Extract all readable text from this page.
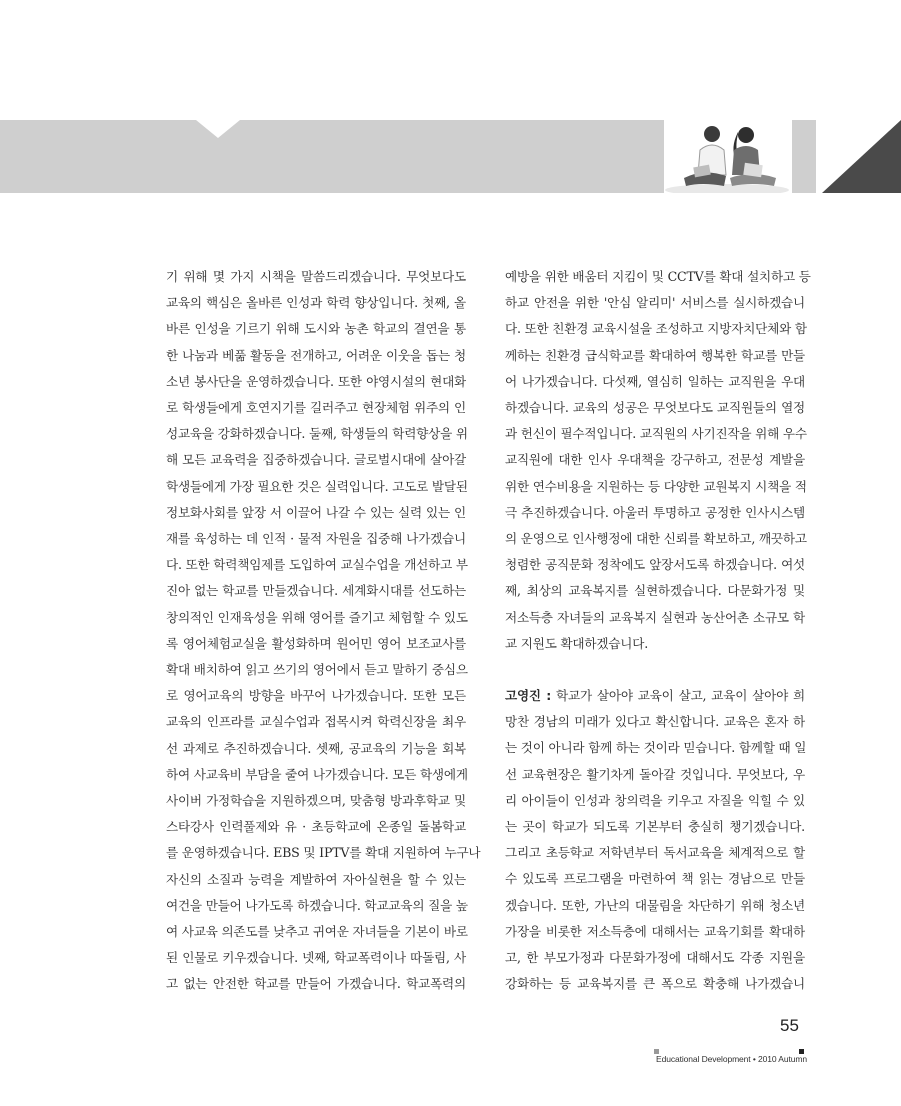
기 위해 몇 가지 시책을 말씀드리겠습니다. 무엇보다도
교육의 핵심은 올바른 인성과 학력 향상입니다. 첫째, 올
바른 인성을 기르기 위해 도시와 농촌 학교의 결연을 통
한 나눔과 베풂 활동을 전개하고, 어려운 이웃을 돕는 청
소년 봉사단을 운영하겠습니다. 또한 야영시설의 현대화
로 학생들에게 호연지기를 길러주고 현장체험 위주의 인
성교육을 강화하겠습니다. 둘째, 학생들의 학력향상을 위
해 모든 교육력을 집중하겠습니다. 글로벌시대에 살아갈
학생들에게 가장 필요한 것은 실력입니다. 고도로 발달된
정보화사회를 앞장 서 이끌어 나갈 수 있는 실력 있는 인
재를 육성하는 데 인적 · 물적 자원을 집중해 나가겠습니
다. 또한 학력책임제를 도입하여 교실수업을 개선하고 부
진아 없는 학교를 만들겠습니다. 세계화시대를 선도하는
창의적인 인재육성을 위해 영어를 즐기고 체험할 수 있도
록 영어체험교실을 활성화하며 원어민 영어 보조교사를
확대 배치하여 읽고 쓰기의 영어에서 듣고 말하기 중심으
로 영어교육의 방향을 바꾸어 나가겠습니다. 또한 모든
교육의 인프라를 교실수업과 접목시켜 학력신장을 최우
선 과제로 추진하겠습니다. 셋째, 공교육의 기능을 회복
하여 사교육비 부담을 줄여 나가겠습니다. 모든 학생에게
사이버 가정학습을 지원하겠으며, 맞춤형 방과후학교 및
스타강사 인력풀제와 유 · 초등학교에 온종일 돌봄학교
를 운영하겠습니다. EBS 및 IPTV를 확대 지원하여 누구나
자신의 소질과 능력을 계발하여 자아실현을 할 수 있는
여건을 만들어 나가도록 하겠습니다. 학교교육의 질을 높
여 사교육 의존도를 낮추고 귀여운 자녀들을 기본이 바로
된 인물로 키우겠습니다. 넷째, 학교폭력이나 따돌림, 사
고 없는 안전한 학교를 만들어 가겠습니다. 학교폭력의
예방을 위한 배움터 지킴이 및 CCTV를 확대 설치하고 등
하교 안전을 위한 '안심 알리미' 서비스를 실시하겠습니
다. 또한 친환경 교육시설을 조성하고 지방자치단체와 함
께하는 친환경 급식학교를 확대하여 행복한 학교를 만들
어 나가겠습니다. 다섯째, 열심히 일하는 교직원을 우대
하겠습니다. 교육의 성공은 무엇보다도 교직원들의 열정
과 헌신이 필수적입니다. 교직원의 사기진작을 위해 우수
교직원에 대한 인사 우대책을 강구하고, 전문성 계발을
위한 연수비용을 지원하는 등 다양한 교원복지 시책을 적
극 추진하겠습니다. 아울러 투명하고 공정한 인사시스템
의 운영으로 인사행정에 대한 신뢰를 확보하고, 깨끗하고
청렴한 공직문화 정착에도 앞장서도록 하겠습니다. 여섯
째, 최상의 교육복지를 실현하겠습니다. 다문화가정 및
저소득층 자녀들의 교육복지 실현과 농산어촌 소규모 학
교 지원도 확대하겠습니다.
고영진 : 학교가 살아야 교육이 살고, 교육이 살아야 희
망찬 경남의 미래가 있다고 확신합니다. 교육은 혼자 하
는 것이 아니라 함께 하는 것이라 믿습니다. 함께할 때 일
선 교육현장은 활기차게 돌아갈 것입니다. 무엇보다, 우
리 아이들이 인성과 창의력을 키우고 자질을 익힐 수 있
는 곳이 학교가 되도록 기본부터 충실히 챙기겠습니다.
그리고 초등학교 저학년부터 독서교육을 체계적으로 할
수 있도록 프로그램을 마련하여 책 읽는 경남으로 만들
겠습니다. 또한, 가난의 대물림을 차단하기 위해 청소년
가장을 비롯한 저소득층에 대해서는 교육기회를 확대하
고, 한 부모가정과 다문화가정에 대해서도 각종 지원을
강화하는 등 교육복지를 큰 폭으로 확충해 나가겠습니
55
Educational Development • 2010 Autumn
